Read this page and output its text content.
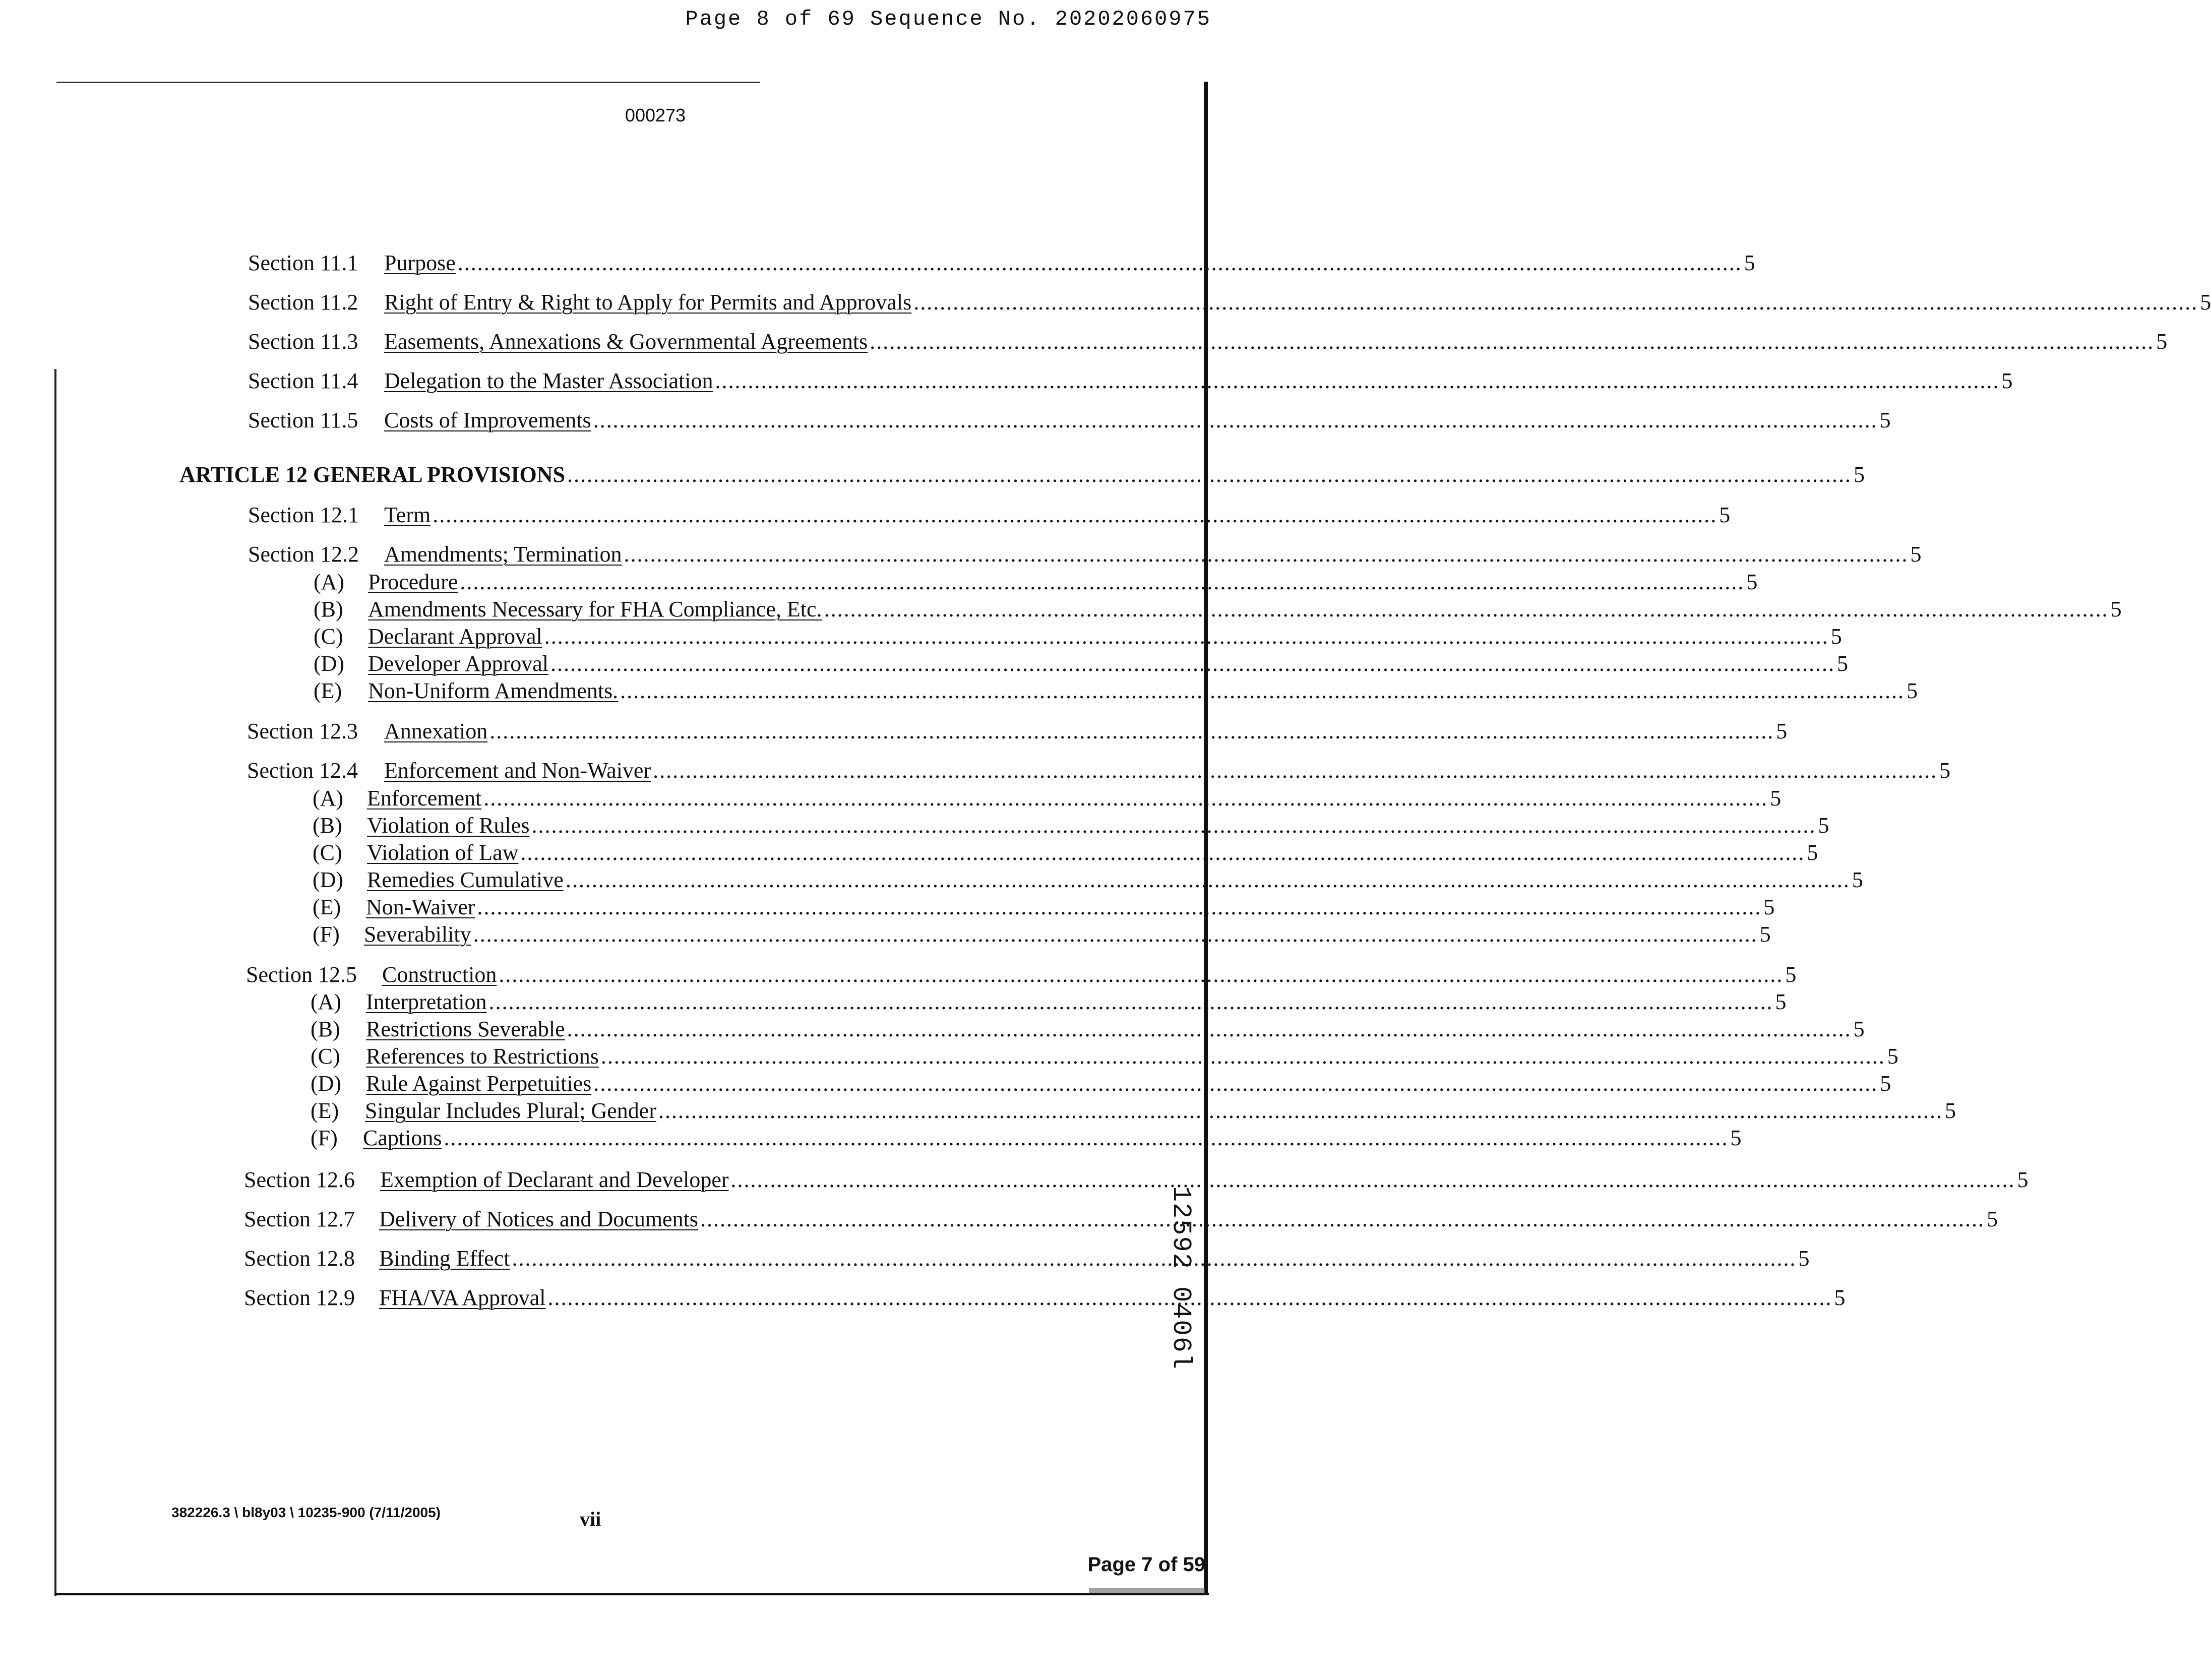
Page 8 of 69 Sequence No. 20202060975
000273
Section 11.1	Purpose .................................................................................................................................................................................................... 5
Section 11.2	Right of Entry & Right to Apply for Permits and Approvals .................................................................................................................................................................................................... 5
Section 11.3	Easements, Annexations & Governmental Agreements .................................................................................................................................................................................................... 5
Section 11.4	Delegation to the Master Association .................................................................................................................................................................................................... 5
Section 11.5	Costs of Improvements .................................................................................................................................................................................................... 5
ARTICLE 12 GENERAL PROVISIONS .................................................................................................................................................................................................... 5
Section 12.1	Term .................................................................................................................................................................................................... 5
Section 12.2	Amendments; Termination .................................................................................................................................................................................................... 5
(A)	Procedure .................................................................................................................................................................................................... 5
(B)	Amendments Necessary for FHA Compliance, Etc. .................................................................................................................................................................................................... 5
(C)	Declarant Approval .................................................................................................................................................................................................... 5
(D)	Developer Approval .................................................................................................................................................................................................... 5
(E)	Non-Uniform Amendments. .................................................................................................................................................................................................... 5
Section 12.3	Annexation .................................................................................................................................................................................................... 5
Section 12.4	Enforcement and Non-Waiver .................................................................................................................................................................................................... 5
(A)	Enforcement .................................................................................................................................................................................................... 5
(B)	Violation of Rules .................................................................................................................................................................................................... 5
(C)	Violation of Law .................................................................................................................................................................................................... 5
(D)	Remedies Cumulative .................................................................................................................................................................................................... 5
(E)	Non-Waiver .................................................................................................................................................................................................... 5
(F)	Severability .................................................................................................................................................................................................... 5
Section 12.5	Construction .................................................................................................................................................................................................... 5
(A)	Interpretation .................................................................................................................................................................................................... 5
(B)	Restrictions Severable .................................................................................................................................................................................................... 5
(C)	References to Restrictions .................................................................................................................................................................................................... 5
(D)	Rule Against Perpetuities .................................................................................................................................................................................................... 5
(E)	Singular Includes Plural; Gender .................................................................................................................................................................................................... 5
(F)	Captions .................................................................................................................................................................................................... 5
Section 12.6	Exemption of Declarant and Developer .................................................................................................................................................................................................... 5
Section 12.7	Delivery of Notices and Documents .................................................................................................................................................................................................... 5
Section 12.8	Binding Effect .................................................................................................................................................................................................... 5
Section 12.9	FHA/VA Approval .................................................................................................................................................................................................... 5
382226.3 \ bl8y03 \ 10235-900 (7/11/2005)	vii
Page 7 of 59
12592 0406l
